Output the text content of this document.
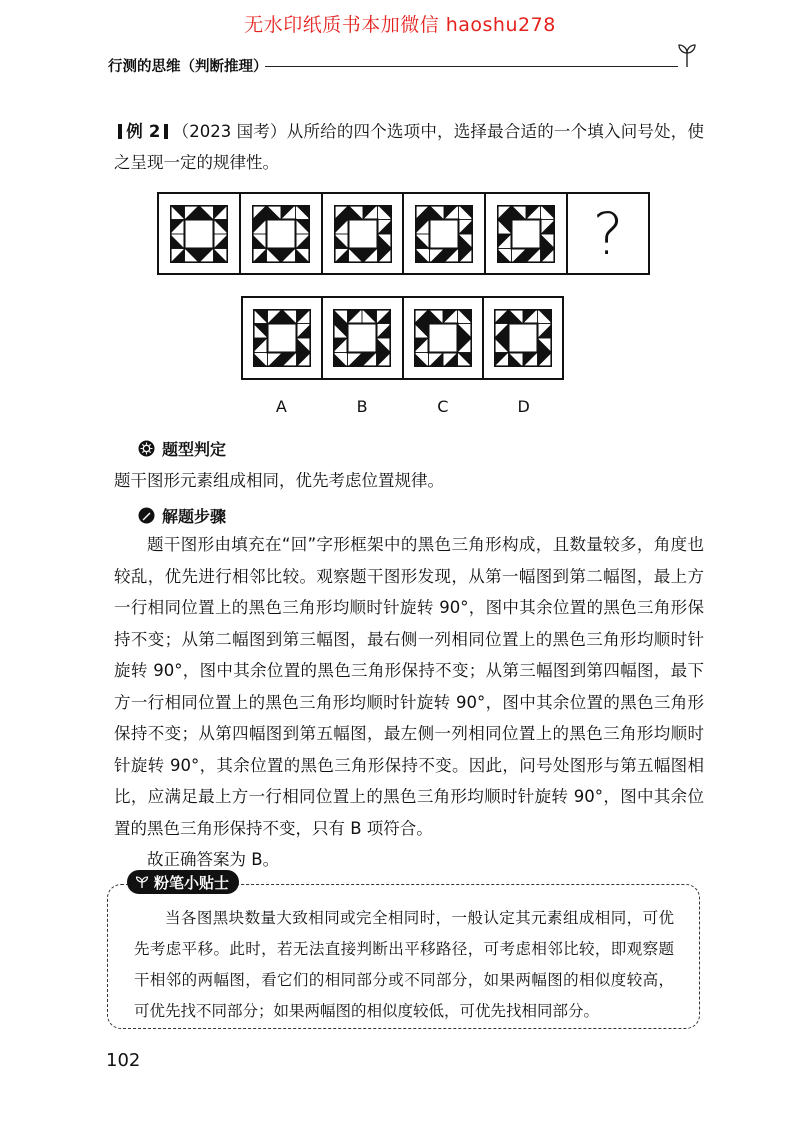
无水印纸质书本加微信 haoshu278
行测的思维（判断推理）
例 2 （2023 国考）从所给的四个选项中，选择最合适的一个填入问号处，使之呈现一定的规律性。
?
A	B	C	D
题型判定

题干图形元素组成相同，优先考虑位置规律。

解题步骤

题干图形由填充在“回”字形框架中的黑色三角形构成，且数量较多，角度也较乱，优先进行相邻比较。观察题干图形发现，从第一幅图到第二幅图，最上方一行相同位置上的黑色三角形均顺时针旋转 90°，图中其余位置的黑色三角形保持不变；从第二幅图到第三幅图，最右侧一列相同位置上的黑色三角形均顺时针旋转 90°，图中其余位置的黑色三角形保持不变；从第三幅图到第四幅图，最下方一行相同位置上的黑色三角形均顺时针旋转 90°，图中其余位置的黑色三角形保持不变；从第四幅图到第五幅图，最左侧一列相同位置上的黑色三角形均顺时针旋转 90°，其余位置的黑色三角形保持不变。因此，问号处图形与第五幅图相比，应满足最上方一行相同位置上的黑色三角形均顺时针旋转 90°，图中其余位置的黑色三角形保持不变，只有 B 项符合。

故正确答案为 B。

粉笔小贴士
当各图黑块数量大致相同或完全相同时，一般认定其元素组成相同，可优先考虑平移。此时，若无法直接判断出平移路径，可考虑相邻比较，即观察题干相邻的两幅图，看它们的相同部分或不同部分，如果两幅图的相似度较高，可优先找不同部分；如果两幅图的相似度较低，可优先找相同部分。
102
